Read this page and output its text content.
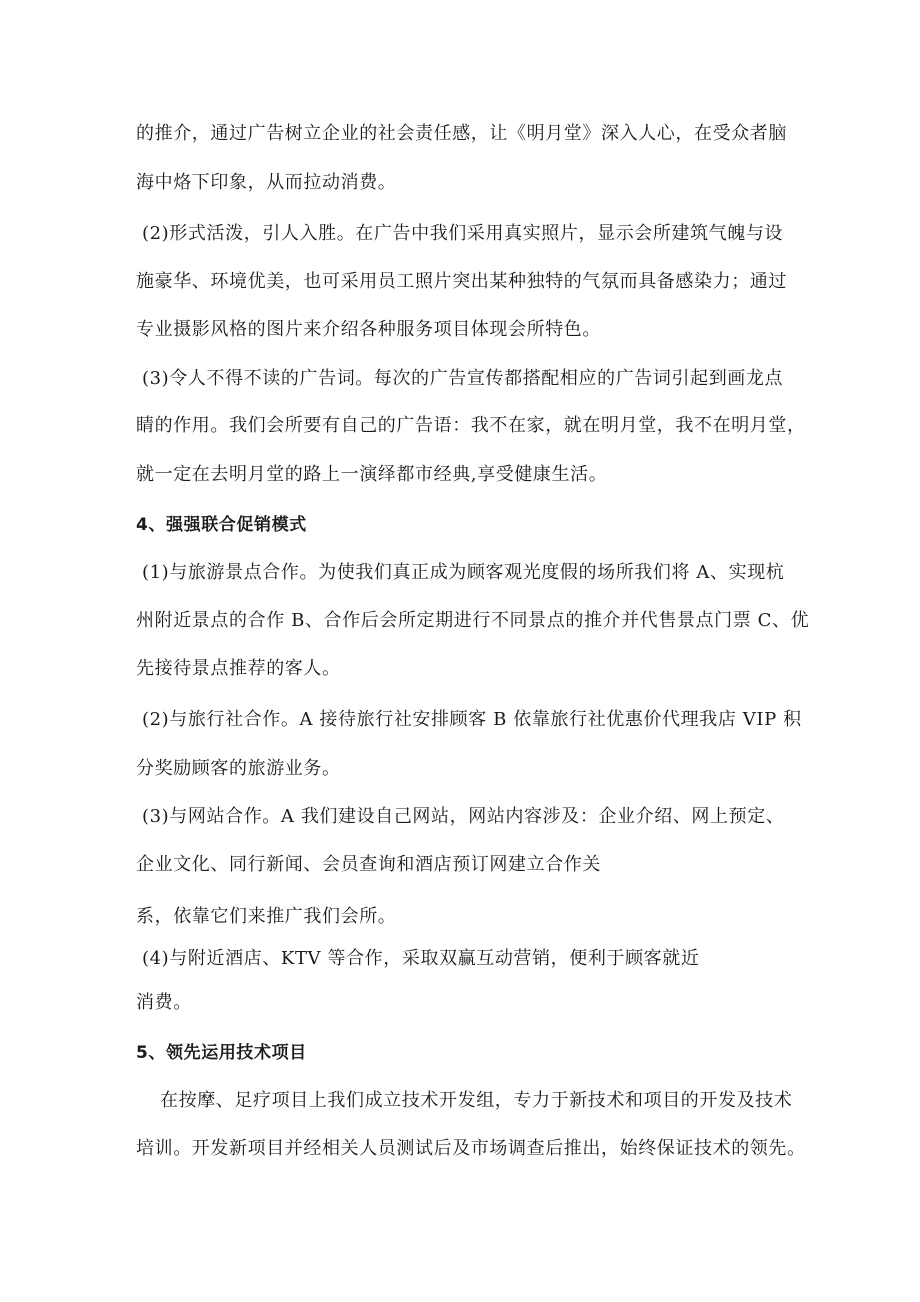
的推介，通过广告树立企业的社会责任感，让《明月堂》深入人心，在受众者脑
海中烙下印象，从而拉动消费。
(2)形式活泼，引人入胜。在广告中我们采用真实照片，显示会所建筑气魄与设
施豪华、环境优美，也可采用员工照片突出某种独特的气氛而具备感染力；通过
专业摄影风格的图片来介绍各种服务项目体现会所特色。
(3)令人不得不读的广告词。每次的广告宣传都搭配相应的广告词引起到画龙点
睛的作用。我们会所要有自己的广告语：我不在家，就在明月堂，我不在明月堂，
就一定在去明月堂的路上一演绎都市经典,享受健康生活。
4、强强联合促销模式
(1)与旅游景点合作。为使我们真正成为顾客观光度假的场所我们将 A、实现杭
州附近景点的合作 B、合作后会所定期进行不同景点的推介并代售景点门票 C、优
先接待景点推荐的客人。
(2)与旅行社合作。A 接待旅行社安排顾客 B 依靠旅行社优惠价代理我店 VIP 积
分奖励顾客的旅游业务。
(3)与网站合作。A 我们建设自己网站，网站内容涉及：企业介绍、网上预定、
企业文化、同行新闻、会员查询和酒店预订网建立合作关
系，依靠它们来推广我们会所。
(4)与附近酒店、KTV 等合作，采取双赢互动营销，便利于顾客就近
消费。
5、领先运用技术项目
在按摩、足疗项目上我们成立技术开发组，专力于新技术和项目的开发及技术
培训。开发新项目并经相关人员测试后及市场调查后推出，始终保证技术的领先。
